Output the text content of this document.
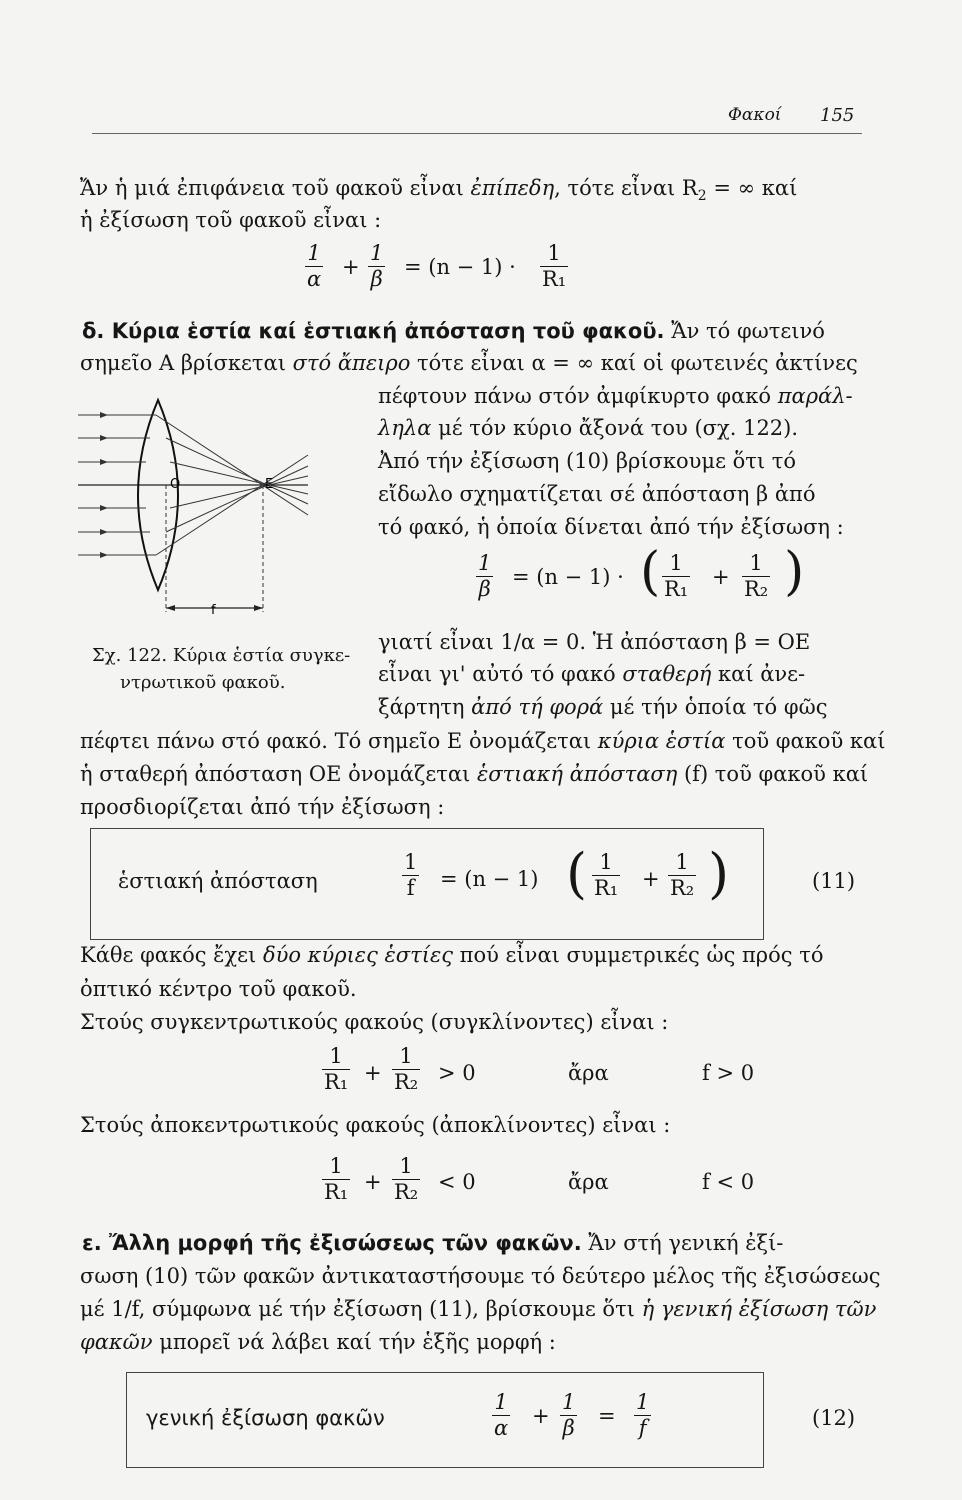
Φακοί 155
Ἄν ἡ μιά ἐπιφάνεια τοῦ φακοῦ εἶναι ἐπίπεδη, τότε εἶναι $R_2$ = ∞ καί
ἡ ἐξίσωση τοῦ φακοῦ εἶναι :
$\frac{1}{\alpha} + \frac{1}{\beta} = (n - 1) \cdot \frac{1}{\text{R₁}}$
δ. Κύρια ἑστία καί ἑστιακή ἀπόσταση τοῦ φακοῦ. Ἄν τό φωτεινό
σημεῖο Α βρίσκεται στό ἄπειρο τότε εἶναι α = ∞ καί οἱ φωτεινές ἀκτίνες
πέφτουν πάνω στόν ἀμφίκυρτο φακό παράλ-
ληλα μέ τόν κύριο ἄξονά του (σχ. 122).
Ἀπό τήν ἐξίσωση (10) βρίσκουμε ὅτι τό
εἴδωλο σχηματίζεται σέ ἀπόσταση β ἀπό
τό φακό, ἡ ὁποία δίνεται ἀπό τήν ἐξίσωση :
$\frac{1}{\beta} = (n - 1)$ · ( $\frac{1}{\text{R₁}} + \frac{1}{\text{R₂}}$ )
O	E
f
Σχ. 122. Κύρια ἑστία συγκε-
ντρωτικοῦ φακοῦ.
γιατί εἶναι 1/α = 0. Ἡ ἀπόσταση β = ΟΕ
εἶναι γι' αὐτό τό φακό σταθερή καί ἀνε-
ξάρτητη ἀπό τή φορά μέ τήν ὁποία τό φῶς
πέφτει πάνω στό φακό. Τό σημεῖο Ε ὀνομάζεται κύρια ἑστία τοῦ φακοῦ καί
ἡ σταθερή ἀπόσταση ΟΕ ὀνομάζεται ἑστιακή ἀπόσταση (f) τοῦ φακοῦ καί
προσδιορίζεται ἀπό τήν ἐξίσωση :
ἑστιακή ἀπόσταση	$\frac{1}{f} = (n - 1)$ ( $\frac{1}{\text{R₁}} + \frac{1}{\text{R₂}}$ )	(11)
Κάθε φακός ἔχει δύο κύριες ἑστίες πού εἶναι συμμετρικές ὡς πρός τό
ὀπτικό κέντρο τοῦ φακοῦ.
Στούς συγκεντρωτικούς φακούς (συγκλίνοντες) εἶναι :
$\frac{1}{\text{R₁}} + \frac{1}{\text{R₂}} > 0$	ἄρα	f > 0
Στούς ἀποκεντρωτικούς φακούς (ἀποκλίνοντες) εἶναι :
$\frac{1}{\text{R₁}} + \frac{1}{\text{R₂}} < 0$	ἄρα	f < 0
ε. Ἄλλη μορφή τῆς ἐξισώσεως τῶν φακῶν. Ἄν στή γενική ἐξί-
σωση (10) τῶν φακῶν ἀντικαταστήσουμε τό δεύτερο μέλος τῆς ἐξισώσεως
μέ 1/f, σύμφωνα μέ τήν ἐξίσωση (11), βρίσκουμε ὅτι ἡ γενική ἐξίσωση τῶν
φακῶν μπορεῖ νά λάβει καί τήν ἑξῆς μορφή :
γενική ἐξίσωση φακῶν	$\frac{1}{\alpha} + \frac{1}{\beta} = \frac{1}{f}$	(12)
